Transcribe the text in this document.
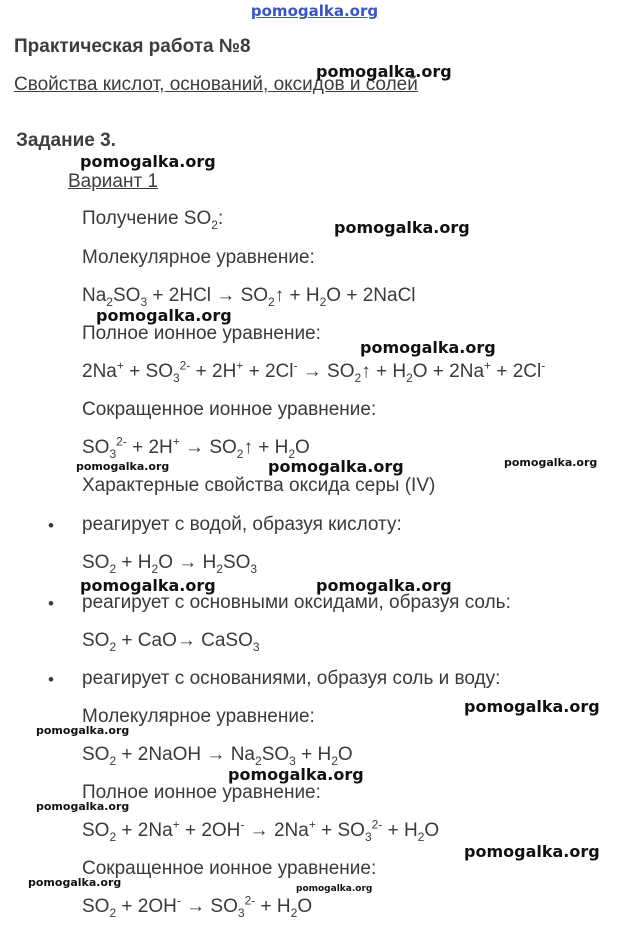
pomogalka.org
Практическая работа №8
Свойства кислот, оснований, оксидов и солей
Задание 3.
Вариант 1
Получение $SO_2$:
Молекулярное уравнение:
$Na_2SO_3 + 2HCl$ → $SO_2↑ + H_2O$ + 2NaCl
Полное ионное уравнение:
$2Na^+ + SO_3^{2-} + 2H^+ + 2Cl^-$ → $SO_2↑ + H_2O + 2Na^+ + 2Cl^-$
Сокращенное ионное уравнение:
$SO_3^{2-} + 2H^+$ → $SO_2↑ + H_2O$
Характерные свойства оксида серы (IV)
• реагирует с водой, образуя кислоту:
$SO_2 + H_2O \to H_2SO_3$
• реагирует с основными оксидами, образуя соль:
$SO_2 + CaO\to$ CaSO$_3$
• реагирует с основаниями, образуя соль и воду:
Молекулярное уравнение:
$SO_2$ + 2NaOH → $Na_2SO_3 + H_2O$
Полное ионное уравнение:
$SO_2 + 2Na^+ + 2OH^- \to 2Na^+ + SO_3^{2-} + H_2O$
Сокращенное ионное уравнение:
$SO_2 + 2OH^- \to SO_3^{2-} + H_2O$
pomogalka.org
pomogalka.org
pomogalka.org
pomogalka.org
pomogalka.org
pomogalka.org	pomogalka.org	pomogalka.org
pomogalka.org	pomogalka.org
pomogalka.org
pomogalka.org
pomogalka.org
pomogalka.org
pomogalka.org
pomogalka.org	pomogalka.org
